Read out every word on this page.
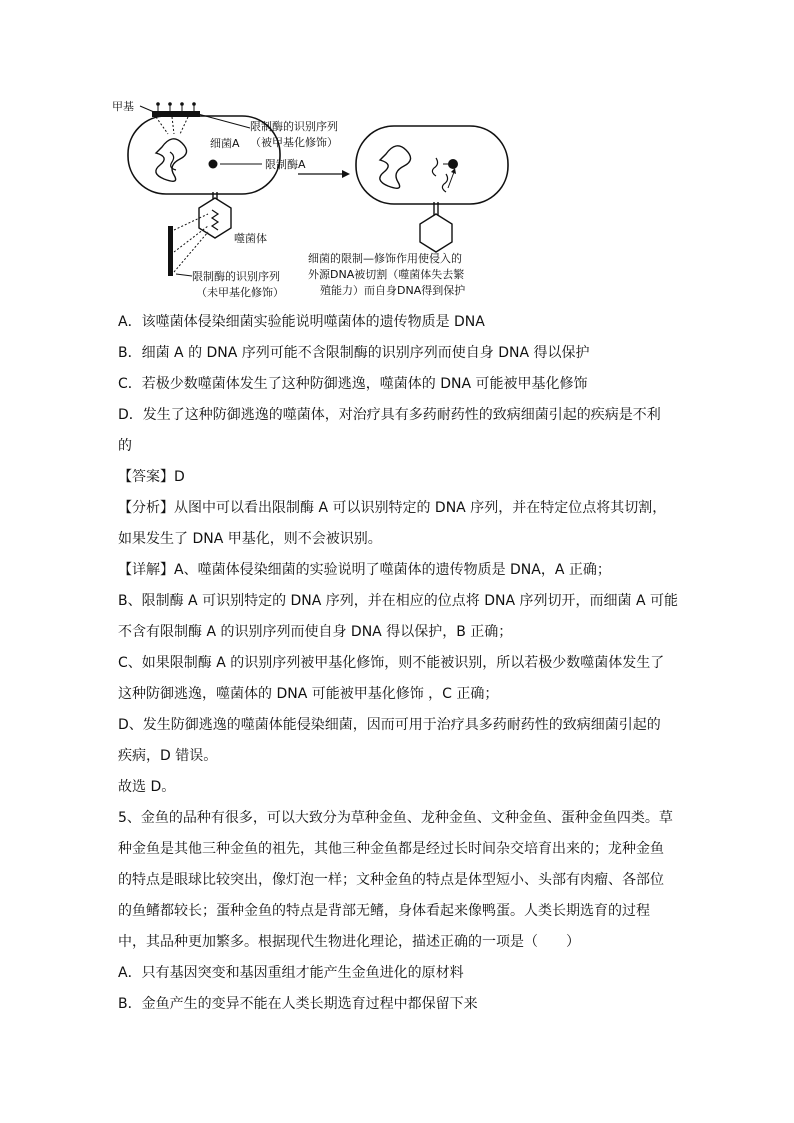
甲基
细菌A
限制酶A
限制酶的识别序列
（被甲基化修饰）
噬菌体
限制酶的识别序列
（未甲基化修饰）
细菌的限制—修饰作用使侵入的
外源DNA被切割（噬菌体失去繁
殖能力）而自身DNA得到保护
A．该噬菌体侵染细菌实验能说明噬菌体的遗传物质是 DNA
B．细菌 A 的 DNA 序列可能不含限制酶的识别序列而使自身 DNA 得以保护
C．若极少数噬菌体发生了这种防御逃逸，噬菌体的 DNA 可能被甲基化修饰
D．发生了这种防御逃逸的噬菌体，对治疗具有多药耐药性的致病细菌引起的疾病是不利
的
【答案】D
【分析】从图中可以看出限制酶 A 可以识别特定的 DNA 序列，并在特定位点将其切割，
如果发生了 DNA 甲基化，则不会被识别。
【详解】A、噬菌体侵染细菌的实验说明了噬菌体的遗传物质是 DNA，A 正确；
B、限制酶 A 可识别特定的 DNA 序列，并在相应的位点将 DNA 序列切开，而细菌 A 可能
不含有限制酶 A 的识别序列而使自身 DNA 得以保护，B 正确；
C、如果限制酶 A 的识别序列被甲基化修饰，则不能被识别，所以若极少数噬菌体发生了
这种防御逃逸，噬菌体的 DNA 可能被甲基化修饰 ，C 正确；
D、发生防御逃逸的噬菌体能侵染细菌，因而可用于治疗具多药耐药性的致病细菌引起的
疾病，D 错误。
故选 D。
5、金鱼的品种有很多，可以大致分为草种金鱼、龙种金鱼、文种金鱼、蛋种金鱼四类。草
种金鱼是其他三种金鱼的祖先，其他三种金鱼都是经过长时间杂交培育出来的；龙种金鱼
的特点是眼球比较突出，像灯泡一样；文种金鱼的特点是体型短小、头部有肉瘤、各部位
的鱼鳍都较长；蛋种金鱼的特点是背部无鳍，身体看起来像鸭蛋。人类长期选育的过程
中，其品种更加繁多。根据现代生物进化理论，描述正确的一项是（　　）
A．只有基因突变和基因重组才能产生金鱼进化的原材料
B．金鱼产生的变异不能在人类长期选育过程中都保留下来
